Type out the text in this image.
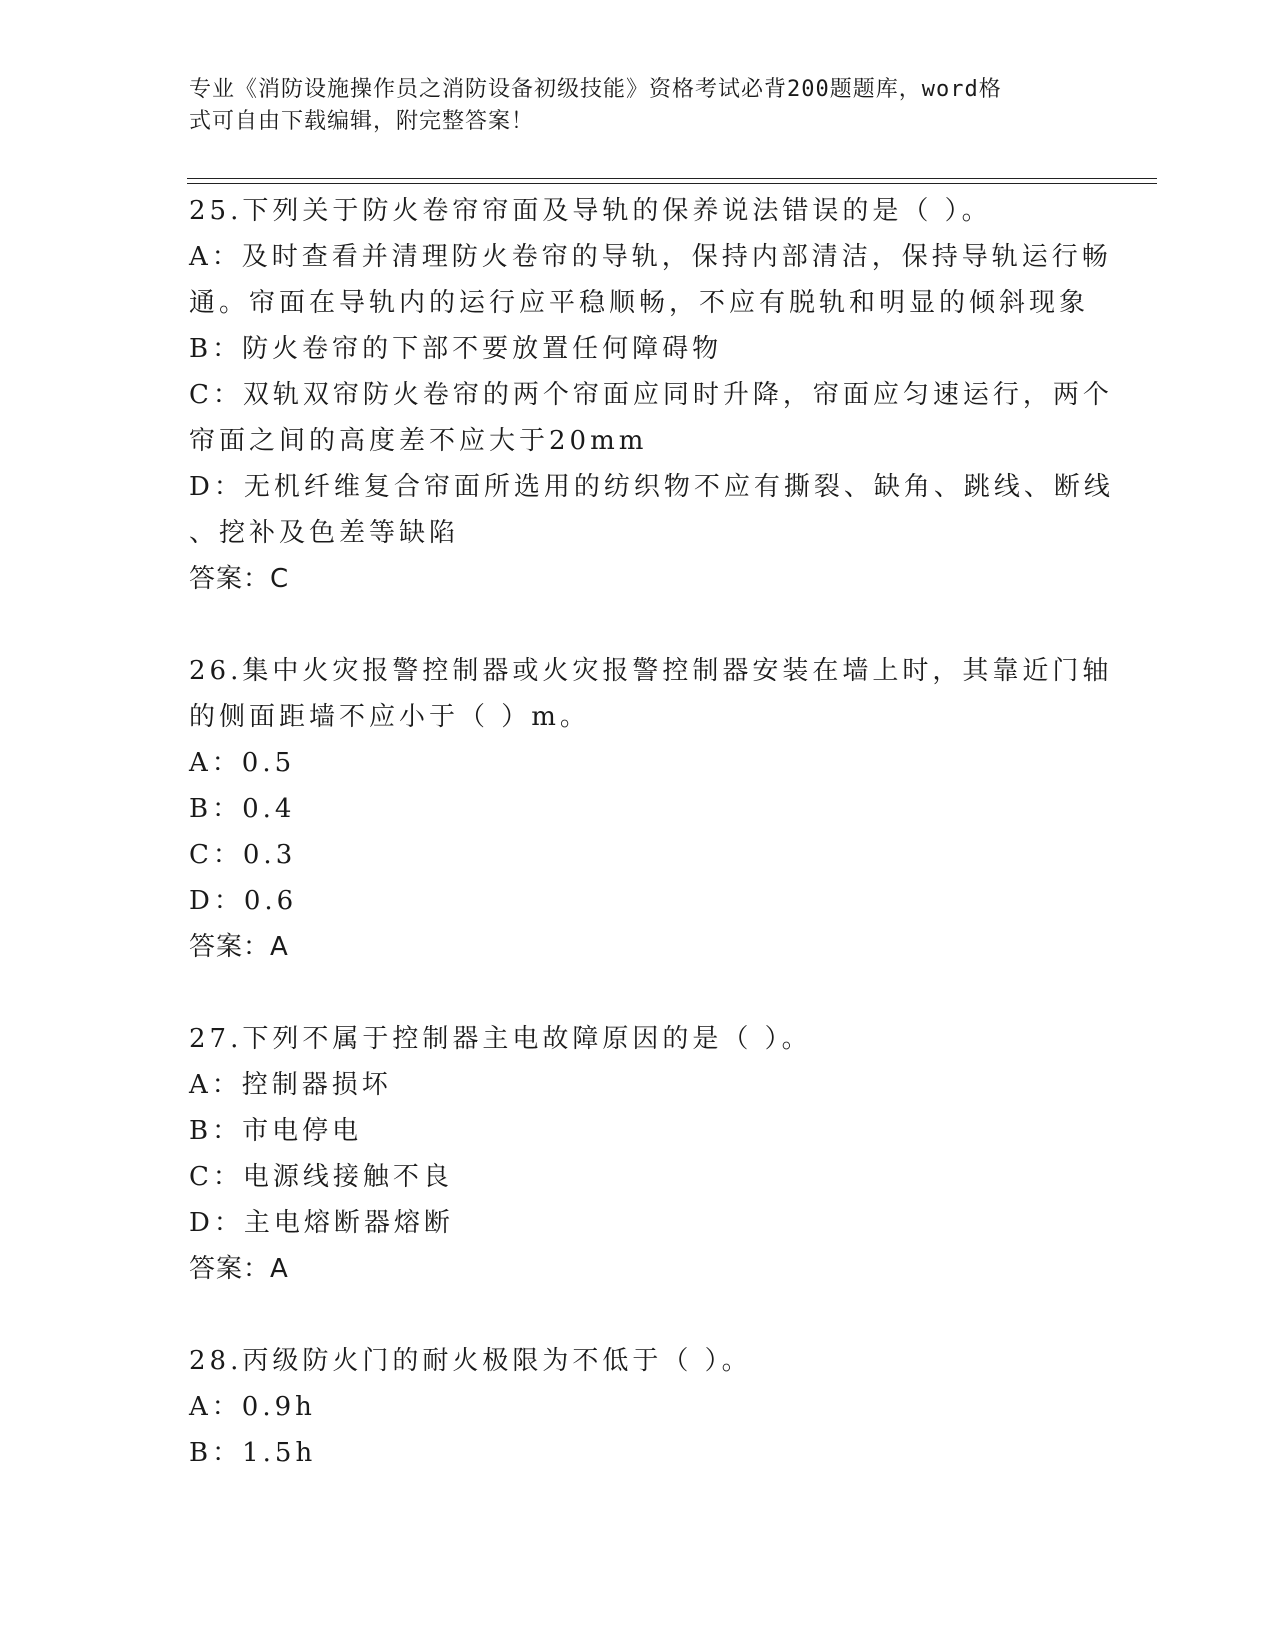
专业《消防设施操作员之消防设备初级技能》资格考试必背200题题库，word格
式可自由下载编辑，附完整答案！
25.下列关于防火卷帘帘面及导轨的保养说法错误的是（ ）。
A：及时查看并清理防火卷帘的导轨，保持内部清洁，保持导轨运行畅
通。帘面在导轨内的运行应平稳顺畅，不应有脱轨和明显的倾斜现象
B：防火卷帘的下部不要放置任何障碍物
C：双轨双帘防火卷帘的两个帘面应同时升降，帘面应匀速运行，两个
帘面之间的高度差不应大于20mm
D：无机纤维复合帘面所选用的纺织物不应有撕裂、缺角、跳线、断线
、挖补及色差等缺陷
答案：C
26.集中火灾报警控制器或火灾报警控制器安装在墙上时，其靠近门轴
的侧面距墙不应小于（ ）m。
A：0.5
B：0.4
C：0.3
D：0.6
答案：A
27.下列不属于控制器主电故障原因的是（ ）。
A：控制器损坏
B：市电停电
C：电源线接触不良
D：主电熔断器熔断
答案：A
28.丙级防火门的耐火极限为不低于（ ）。
A：0.9h
B：1.5h
